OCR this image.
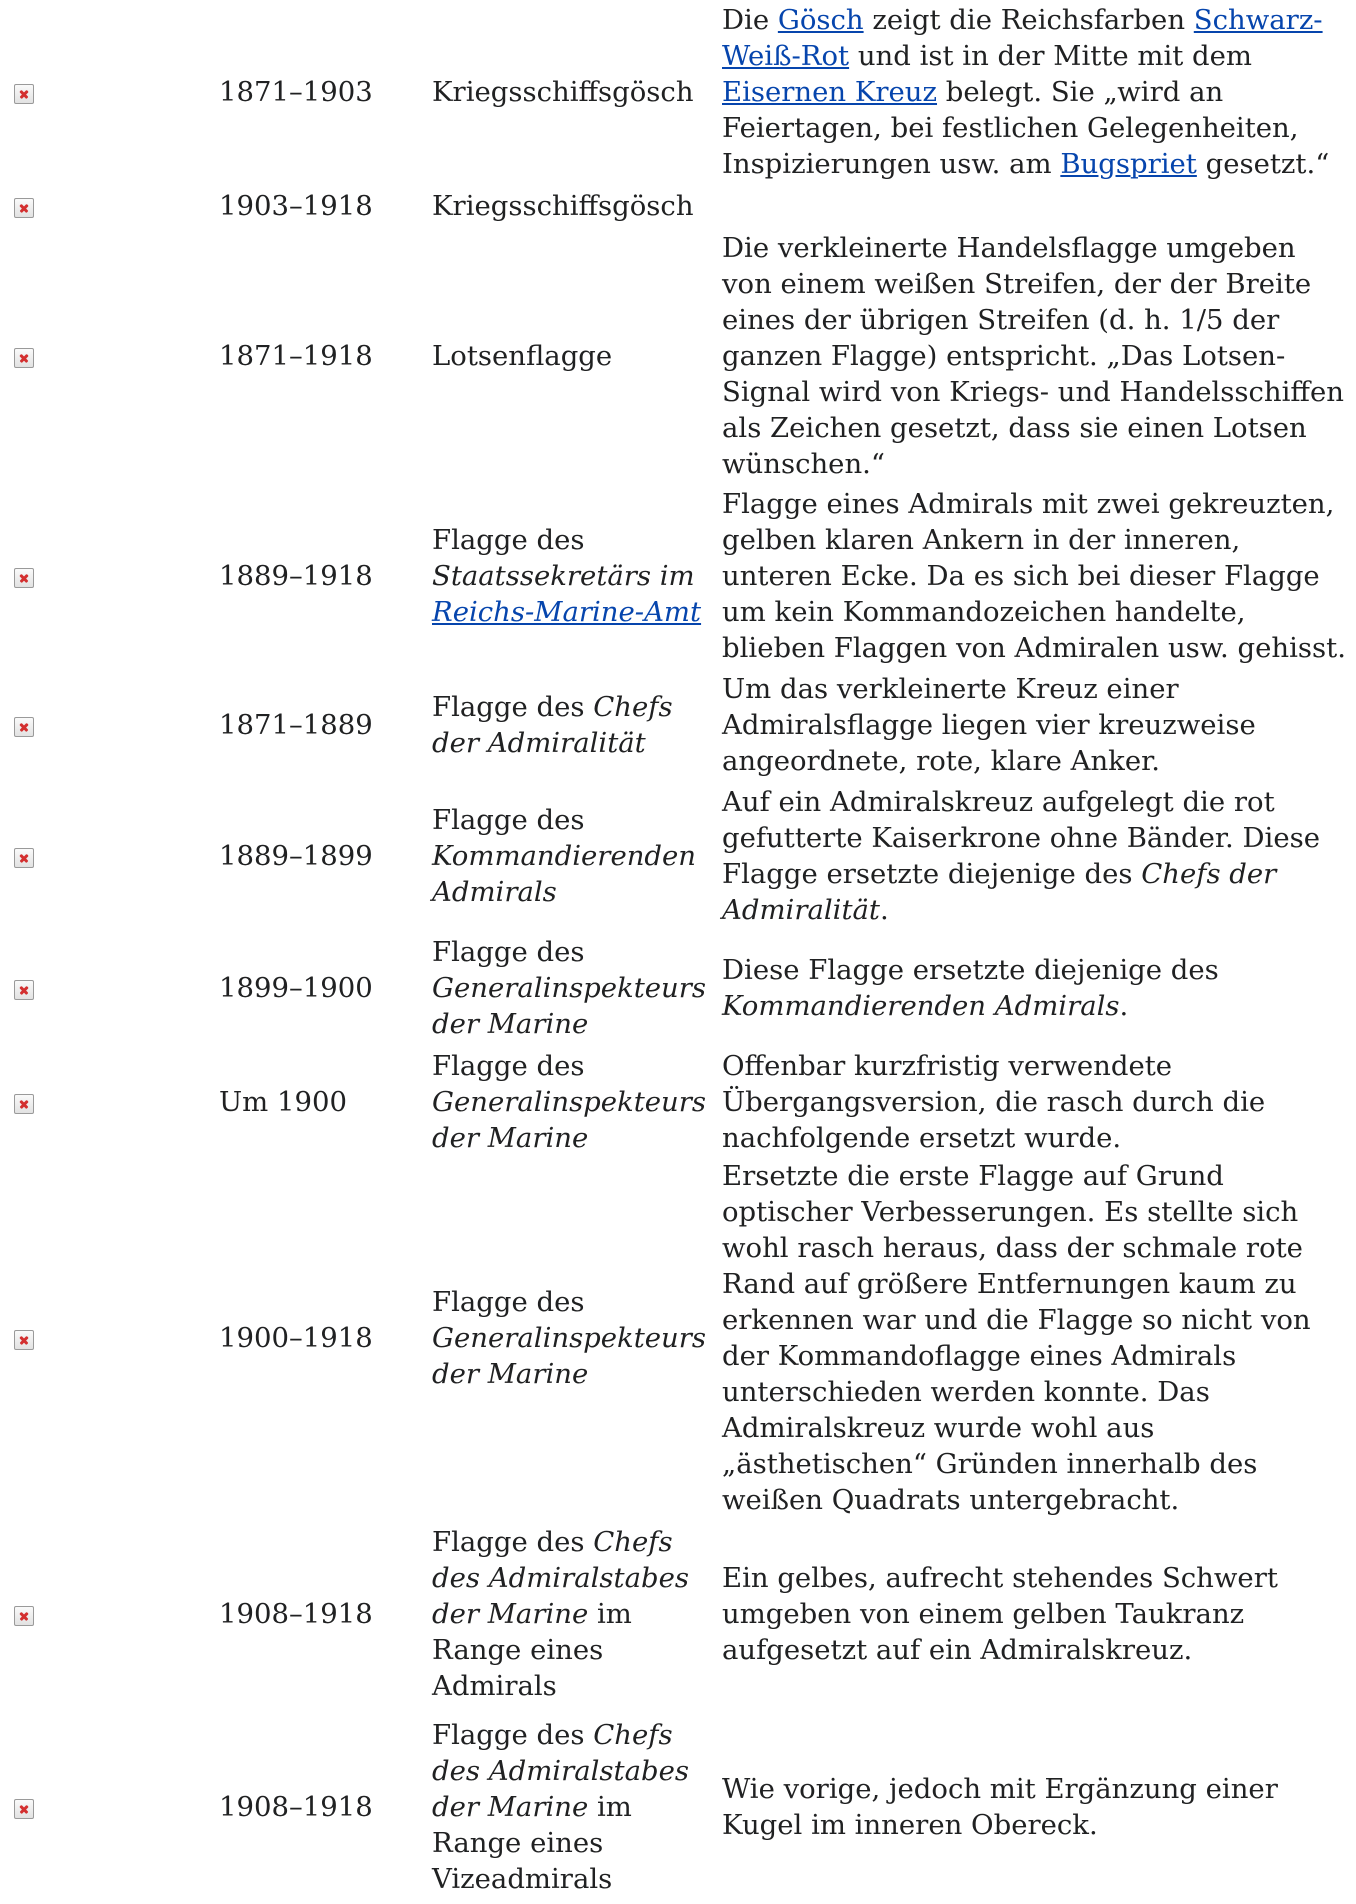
	1871–1903	Kriegsschiffsgösch	Die Gösch zeigt die Reichsfarben Schwarz-Weiß-Rot und ist in der Mitte mit dem Eisernen Kreuz belegt. Sie „wird an Feiertagen, bei festlichen Gelegenheiten, Inspizierungen usw. am Bugspriet gesetzt.“
	1903–1918	Kriegsschiffsgösch	
	1871–1918	Lotsenflagge	Die verkleinerte Handelsflagge umgeben von einem weißen Streifen, der der Breite eines der übrigen Streifen (d. h. 1/5 der ganzen Flagge) entspricht. „Das Lotsen-Signal wird von Kriegs- und Handelsschiffen als Zeichen gesetzt, dass sie einen Lotsen wünschen.“
	1889–1918	Flagge des Staatssekretärs im Reichs-Marine-Amt	Flagge eines Admirals mit zwei gekreuzten, gelben klaren Ankern in der inneren, unteren Ecke. Da es sich bei dieser Flagge um kein Kommandozeichen handelte, blieben Flaggen von Admiralen usw. gehisst.
	1871–1889	Flagge des Chefs der Admiralität	Um das verkleinerte Kreuz einer Admiralsflagge liegen vier kreuzweise angeordnete, rote, klare Anker.
	1889–1899	Flagge des Kommandierenden Admirals	Auf ein Admiralskreuz aufgelegt die rot gefutterte Kaiserkrone ohne Bänder. Diese Flagge ersetzte diejenige des Chefs der Admiralität.
	1899–1900	Flagge des Generalinspekteurs der Marine	Diese Flagge ersetzte diejenige des Kommandierenden Admirals.
	Um 1900	Flagge des Generalinspekteurs der Marine	Offenbar kurzfristig verwendete Übergangsversion, die rasch durch die nachfolgende ersetzt wurde.
	1900–1918	Flagge des Generalinspekteurs der Marine	Ersetzte die erste Flagge auf Grund optischer Verbesserungen. Es stellte sich wohl rasch heraus, dass der schmale rote Rand auf größere Entfernungen kaum zu erkennen war und die Flagge so nicht von der Kommandoflagge eines Admirals unterschieden werden konnte. Das Admiralskreuz wurde wohl aus „ästhetischen“ Gründen innerhalb des weißen Quadrats untergebracht.
	1908–1918	Flagge des Chefs des Admiralstabes der Marine im Range eines Admirals	Ein gelbes, aufrecht stehendes Schwert umgeben von einem gelben Taukranz aufgesetzt auf ein Admiralskreuz.
	1908–1918	Flagge des Chefs des Admiralstabes der Marine im Range eines Vizeadmirals	Wie vorige, jedoch mit Ergänzung einer Kugel im inneren Obereck.
